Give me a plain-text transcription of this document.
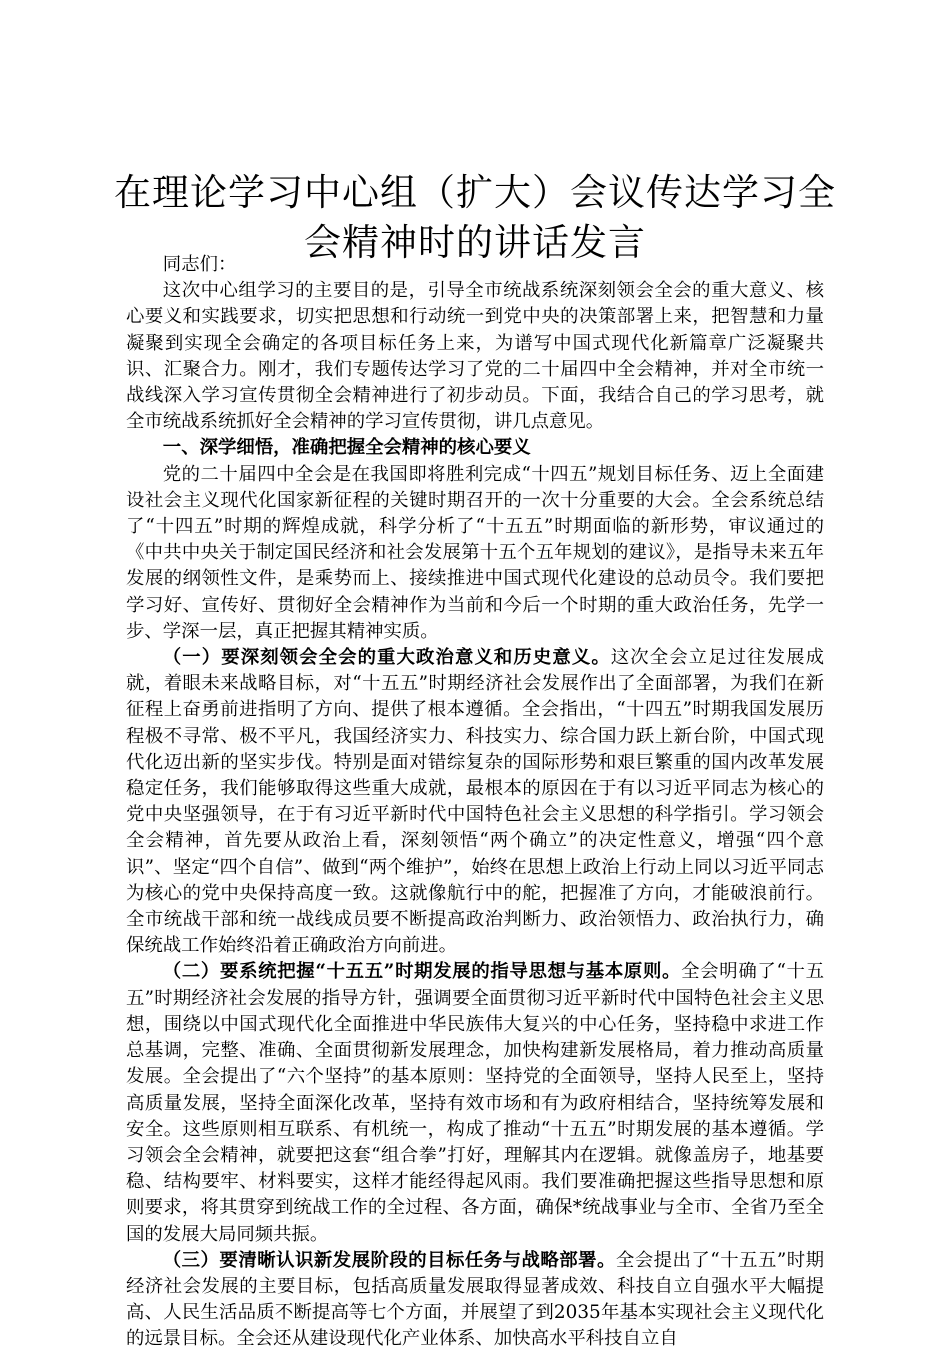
在理论学习中心组（扩大）会议传达学习全会精神时的讲话发言

同志们：

这次中心组学习的主要目的是，引导全市统战系统深刻领会全会的重大意义、核心要义和实践要求，切实把思想和行动统一到党中央的决策部署上来，把智慧和力量凝聚到实现全会确定的各项目标任务上来，为谱写中国式现代化新篇章广泛凝聚共识、汇聚合力。刚才，我们专题传达学习了党的二十届四中全会精神，并对全市统一战线深入学习宣传贯彻全会精神进行了初步动员。下面，我结合自己的学习思考，就全市统战系统抓好全会精神的学习宣传贯彻，讲几点意见。

一、深学细悟，准确把握全会精神的核心要义

党的二十届四中全会是在我国即将胜利完成“十四五”规划目标任务、迈上全面建设社会主义现代化国家新征程的关键时期召开的一次十分重要的大会。全会系统总结了“十四五”时期的辉煌成就，科学分析了“十五五”时期面临的新形势，审议通过的《中共中央关于制定国民经济和社会发展第十五个五年规划的建议》，是指导未来五年发展的纲领性文件，是乘势而上、接续推进中国式现代化建设的总动员令。我们要把学习好、宣传好、贯彻好全会精神作为当前和今后一个时期的重大政治任务，先学一步、学深一层，真正把握其精神实质。

（一）要深刻领会全会的重大政治意义和历史意义。这次全会立足过往发展成就，着眼未来战略目标，对“十五五”时期经济社会发展作出了全面部署，为我们在新征程上奋勇前进指明了方向、提供了根本遵循。全会指出，“十四五”时期我国发展历程极不寻常、极不平凡，我国经济实力、科技实力、综合国力跃上新台阶，中国式现代化迈出新的坚实步伐。特别是面对错综复杂的国际形势和艰巨繁重的国内改革发展稳定任务，我们能够取得这些重大成就，最根本的原因在于有以习近平同志为核心的党中央坚强领导，在于有习近平新时代中国特色社会主义思想的科学指引。学习领会全会精神，首先要从政治上看，深刻领悟“两个确立”的决定性意义，增强“四个意识”、坚定“四个自信”、做到“两个维护”，始终在思想上政治上行动上同以习近平同志为核心的党中央保持高度一致。这就像航行中的舵，把握准了方向，才能破浪前行。全市统战干部和统一战线成员要不断提高政治判断力、政治领悟力、政治执行力，确保统战工作始终沿着正确政治方向前进。

（二）要系统把握“十五五”时期发展的指导思想与基本原则。全会明确了“十五五”时期经济社会发展的指导方针，强调要全面贯彻习近平新时代中国特色社会主义思想，围绕以中国式现代化全面推进中华民族伟大复兴的中心任务，坚持稳中求进工作总基调，完整、准确、全面贯彻新发展理念，加快构建新发展格局，着力推动高质量发展。全会提出了“六个坚持”的基本原则：坚持党的全面领导，坚持人民至上，坚持高质量发展，坚持全面深化改革，坚持有效市场和有为政府相结合，坚持统筹发展和安全。这些原则相互联系、有机统一，构成了推动“十五五”时期发展的基本遵循。学习领会全会精神，就要把这套“组合拳”打好，理解其内在逻辑。就像盖房子，地基要稳、结构要牢、材料要实，这样才能经得起风雨。我们要准确把握这些指导思想和原则要求，将其贯穿到统战工作的全过程、各方面，确保*统战事业与全市、全省乃至全国的发展大局同频共振。

（三）要清晰认识新发展阶段的目标任务与战略部署。全会提出了“十五五”时期经济社会发展的主要目标，包括高质量发展取得显著成效、科技自立自强水平大幅提高、人民生活品质不断提高等七个方面，并展望了到2035年基本实现社会主义现代化的远景目标。全会还从建设现代化产业体系、加快高水平科技自立自
